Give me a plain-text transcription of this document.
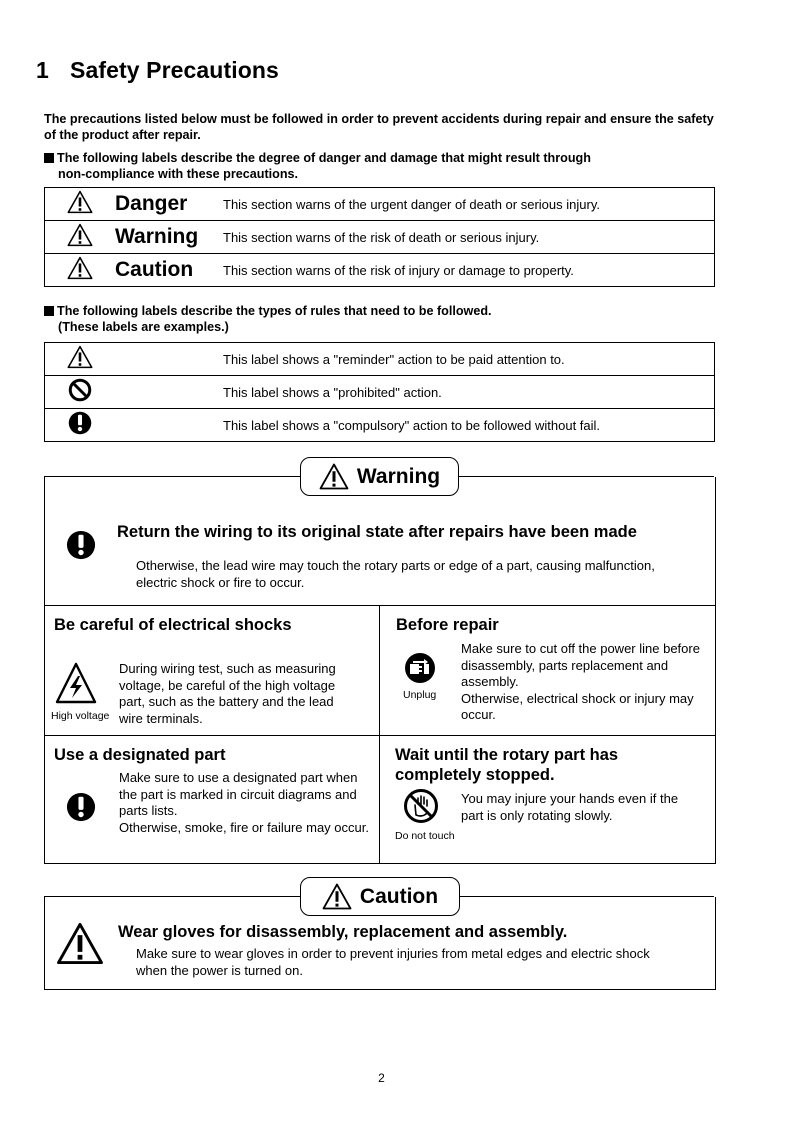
1 Safety Precautions
The precautions listed below must be followed in order to prevent accidents during repair and ensure the safety of the product after repair.
The following labels describe the degree of danger and damage that might result through
non-compliance with these precautions.
	Danger	This section warns of the urgent danger of death or serious injury.
	Warning	This section warns of the risk of death or serious injury.
	Caution	This section warns of the risk of injury or damage to property.
The following labels describe the types of rules that need to be followed.
(These labels are examples.)
	This label shows a "reminder" action to be paid attention to.
	This label shows a "prohibited" action.
	This label shows a "compulsory" action to be followed without fail.
Warning
Return the wiring to its original state after repairs have been made
Otherwise, the lead wire may touch the rotary parts or edge of a part, causing malfunction,
electric shock or fire to occur.
Be careful of electrical shocks
High voltage
During wiring test, such as measuring
voltage, be careful of the high voltage
part, such as the battery and the lead
wire terminals.
Before repair
Unplug
Make sure to cut off the power line before
disassembly, parts replacement and
assembly.
Otherwise, electrical shock or injury may
occur.
Use a designated part
Make sure to use a designated part when
the part is marked in circuit diagrams and
parts lists.
Otherwise, smoke, fire or failure may occur.
Wait until the rotary part has
completely stopped.
Do not touch
You may injure your hands even if the
part is only rotating slowly.
Caution
Wear gloves for disassembly, replacement and assembly.
Make sure to wear gloves in order to prevent injuries from metal edges and electric shock
when the power is turned on.
2
